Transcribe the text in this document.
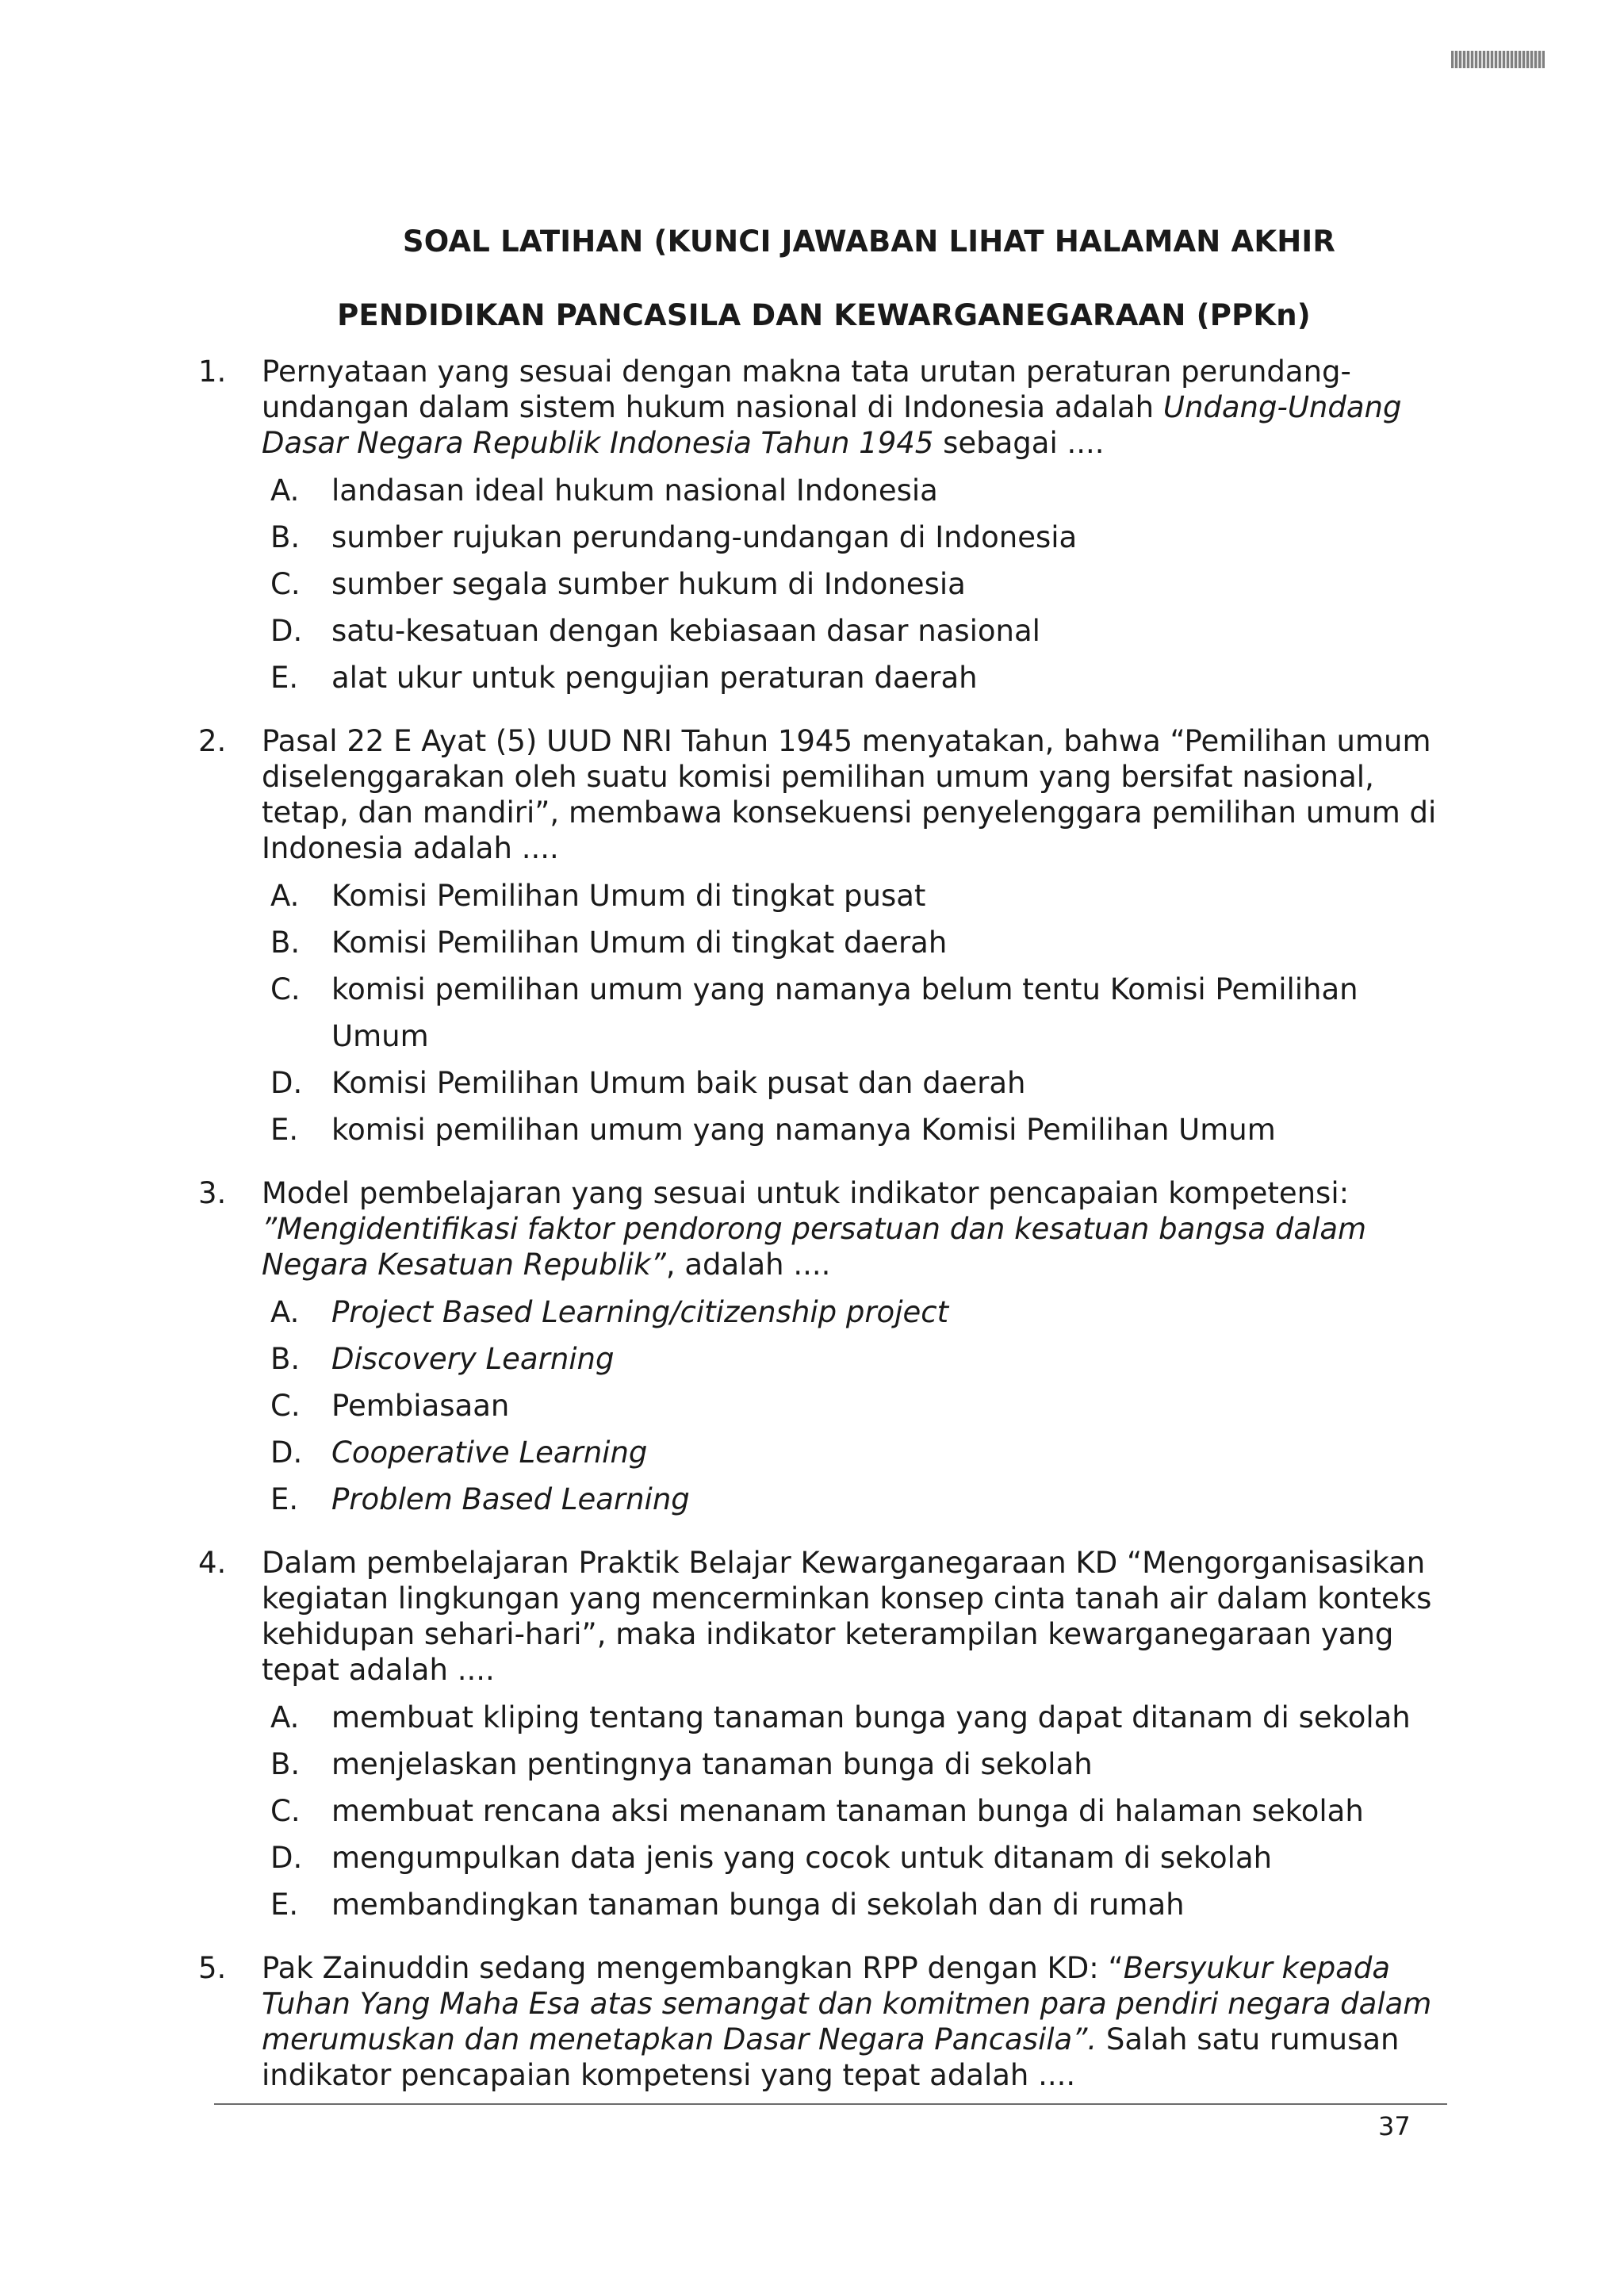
SOAL LATIHAN (KUNCI JAWABAN LIHAT HALAMAN AKHIR
PENDIDIKAN PANCASILA DAN KEWARGANEGARAAN (PPKn)
1. Pernyataan yang sesuai dengan makna tata urutan peraturan perundang-undangan dalam sistem hukum nasional di Indonesia adalah Undang-Undang Dasar Negara Republik Indonesia Tahun 1945 sebagai ....
A. landasan ideal hukum nasional Indonesia
B. sumber rujukan perundang-undangan di Indonesia
C. sumber segala sumber hukum di Indonesia
D. satu-kesatuan dengan kebiasaan dasar nasional
E. alat ukur untuk pengujian peraturan daerah
2. Pasal 22 E Ayat (5) UUD NRI Tahun 1945 menyatakan, bahwa “Pemilihan umum diselenggarakan oleh suatu komisi pemilihan umum yang bersifat nasional, tetap, dan mandiri”, membawa konsekuensi penyelenggara pemilihan umum di Indonesia adalah ....
A. Komisi Pemilihan Umum di tingkat pusat
B. Komisi Pemilihan Umum di tingkat daerah
C. komisi pemilihan umum yang namanya belum tentu Komisi Pemilihan Umum
D. Komisi Pemilihan Umum baik pusat dan daerah
E. komisi pemilihan umum yang namanya Komisi Pemilihan Umum
3. Model pembelajaran yang sesuai untuk indikator pencapaian kompetensi: ”Mengidentifikasi faktor pendorong persatuan dan kesatuan bangsa dalam Negara Kesatuan Republik”, adalah ....
A. Project Based Learning/citizenship project
B. Discovery Learning
C. Pembiasaan
D. Cooperative Learning
E. Problem Based Learning
4. Dalam pembelajaran Praktik Belajar Kewarganegaraan KD “Mengorganisasikan kegiatan lingkungan yang mencerminkan konsep cinta tanah air dalam konteks kehidupan sehari-hari”, maka indikator keterampilan kewarganegaraan yang tepat adalah ....
A. membuat kliping tentang tanaman bunga yang dapat ditanam di sekolah
B. menjelaskan pentingnya tanaman bunga di sekolah
C. membuat rencana aksi menanam tanaman bunga di halaman sekolah
D. mengumpulkan data jenis yang cocok untuk ditanam di sekolah
E. membandingkan tanaman bunga di sekolah dan di rumah
5. Pak Zainuddin sedang mengembangkan RPP dengan KD: “Bersyukur kepada Tuhan Yang Maha Esa atas semangat dan komitmen para pendiri negara dalam merumuskan dan menetapkan Dasar Negara Pancasila”. Salah satu rumusan indikator pencapaian kompetensi yang tepat adalah ....
37
